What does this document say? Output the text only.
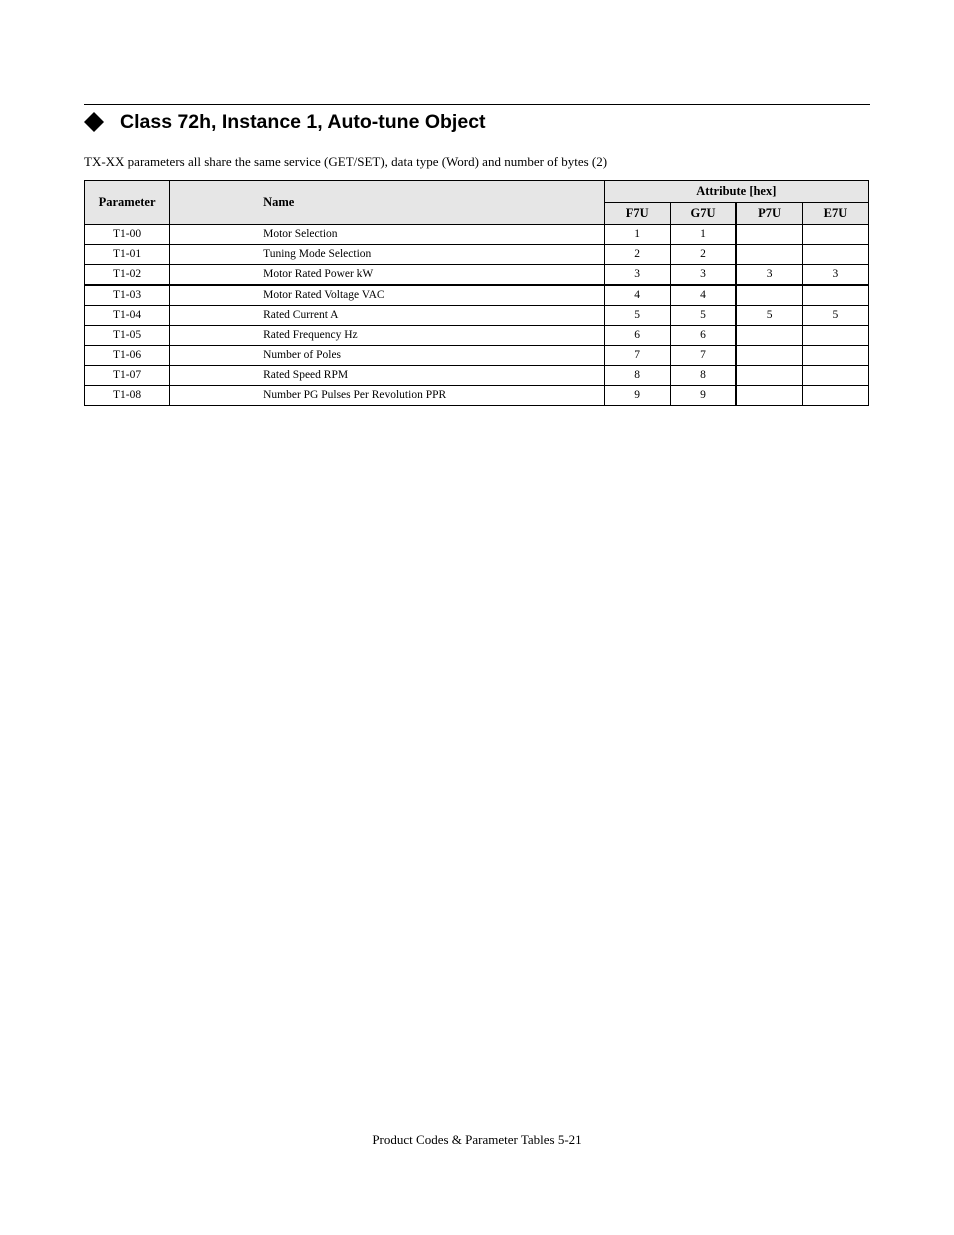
Class 72h, Instance 1, Auto-tune Object
TX-XX parameters all share the same service (GET/SET), data type (Word) and number of bytes (2)
Parameter	Name	Attribute [hex]			
		F7U	G7U	P7U	E7U
T1-00	Motor Selection	1	1		
T1-01	Tuning Mode Selection	2	2		
T1-02	Motor Rated Power kW	3	3	3	3
T1-03	Motor Rated Voltage VAC	4	4		
T1-04	Rated Current A	5	5	5	5
T1-05	Rated Frequency Hz	6	6		
T1-06	Number of Poles	7	7		
T1-07	Rated Speed RPM	8	8		
T1-08	Number PG Pulses Per Revolution PPR	9	9		
Product Codes & Parameter Tables 5-21
